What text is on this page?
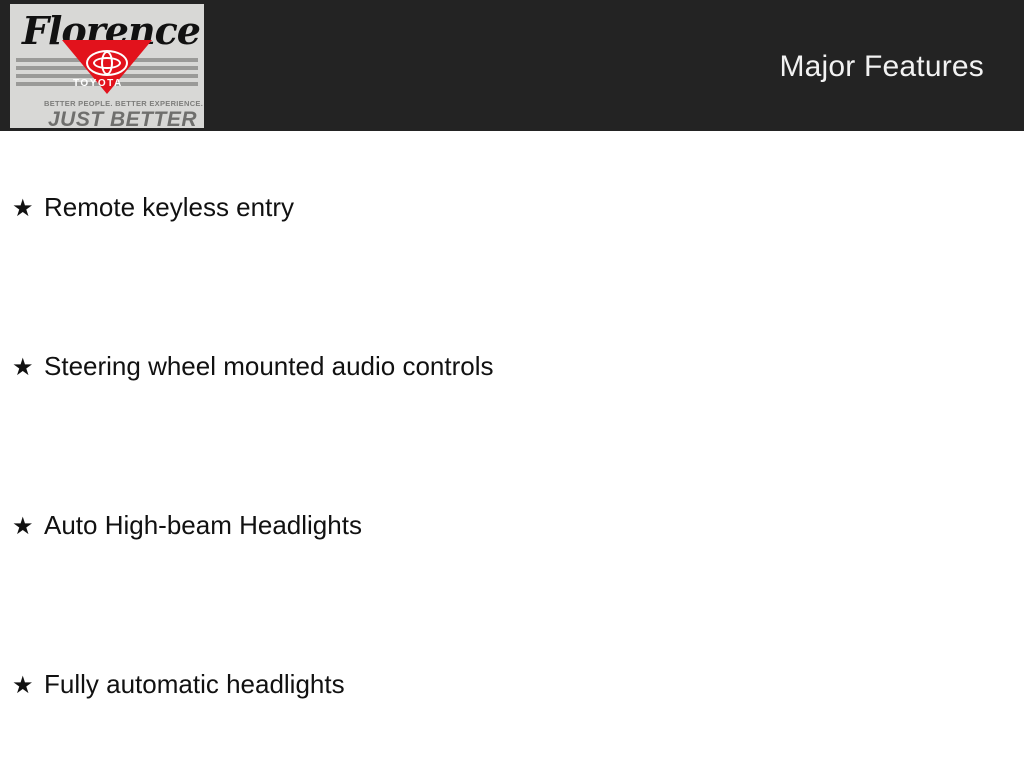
Major Features
Florence
TOYOTA
BETTER PEOPLE. BETTER EXPERIENCE.
JUST BETTER
★ Remote keyless entry
★ Steering wheel mounted audio controls
★ Auto High-beam Headlights
★ Fully automatic headlights
